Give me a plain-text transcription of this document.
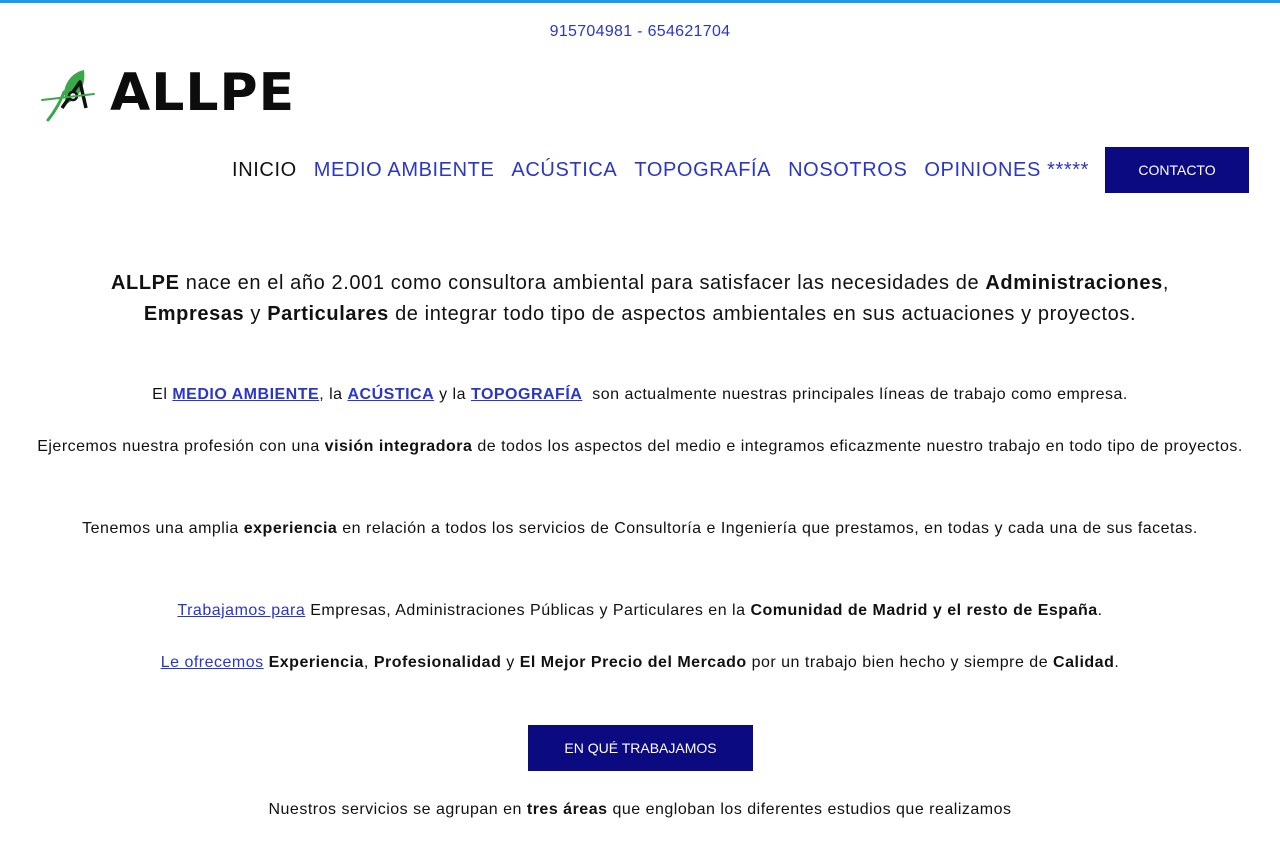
915704981 - 654621704
ALLPE
INICIO MEDIO AMBIENTE ACÚSTICA TOPOGRAFÍA NOSOTROS OPINIONES *****	CONTACTO
ALLPE nace en el año 2.001 como consultora ambiental para satisfacer las necesidades de Administraciones,
Empresas y Particulares de integrar todo tipo de aspectos ambientales en sus actuaciones y proyectos.
El MEDIO AMBIENTE, la ACÚSTICA y la TOPOGRAFÍA  son actualmente nuestras principales líneas de trabajo como empresa.
Ejercemos nuestra profesión con una visión integradora de todos los aspectos del medio e integramos eficazmente nuestro trabajo en todo tipo de proyectos.
Tenemos una amplia experiencia en relación a todos los servicios de Consultoría e Ingeniería que prestamos, en todas y cada una de sus facetas.
Trabajamos para Empresas, Administraciones Públicas y Particulares en la Comunidad de Madrid y el resto de España.
Le ofrecemos Experiencia, Profesionalidad y El Mejor Precio del Mercado por un trabajo bien hecho y siempre de Calidad.
EN QUÉ TRABAJAMOS
Nuestros servicios se agrupan en tres áreas que engloban los diferentes estudios que realizamos
